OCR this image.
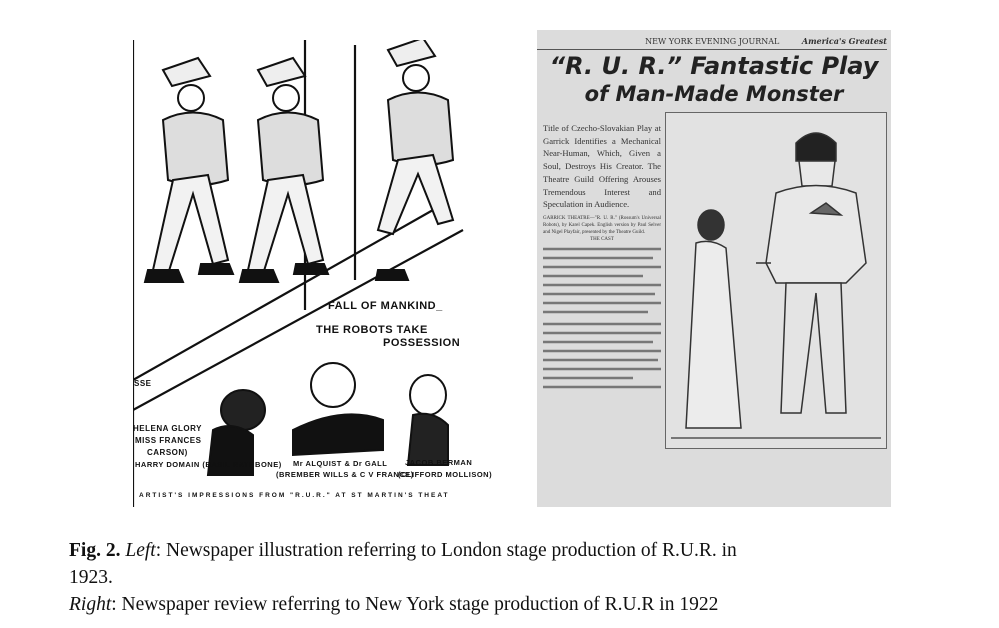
FALL OF MANKIND_
THE ROBOTS TAKE
POSSESSION
SSE
HELENA GLORY
MISS FRANCES
CARSON)
HARRY DOMAIN (BASIL RATHBONE) Mr ALQUIST & Dr GALL
(BREMBER WILLS & C V FRANCE)
JACOB BERMAN
(CLIFFORD MOLLISON)
ARTIST'S IMPRESSIONS FROM "R.U.R." AT ST MARTIN'S THEAT
NEW YORK EVENING JOURNAL	America's Greatest
“R. U. R.” Fantastic Play
of Man-Made Monster
Title of Czecho-Slovakian Play at Garrick Identifies a Mechanical Near-Human, Which, Given a Soul, Destroys His Creator. The Theatre Guild Offering Arouses Tremendous Interest and Speculation in Audience.
GARRICK THEATRE—"R. U. R." (Rossum's Universal Robots), by Karel Capek. English version by Paul Selver and Nigel Playfair, presented by the Theatre Guild.
THE CAST
Fig. 2. Left: Newspaper illustration referring to London stage production of R.U.R. in
1923.
Right: Newspaper review referring to New York stage production of R.U.R in 1922
